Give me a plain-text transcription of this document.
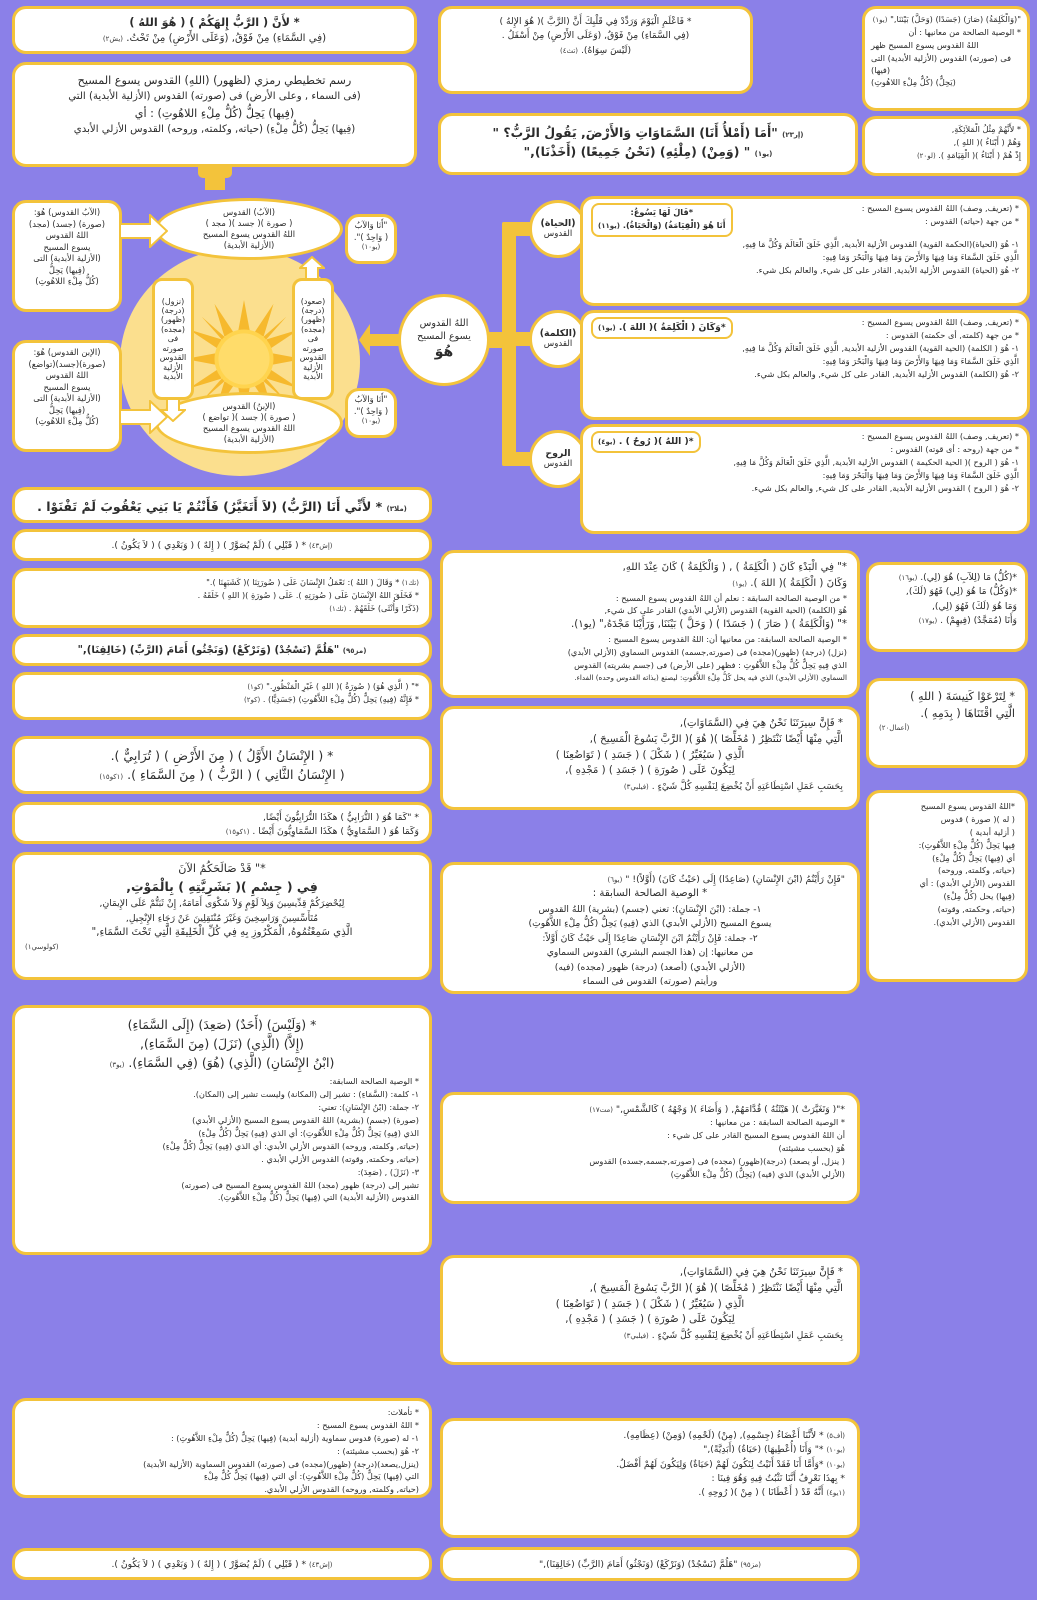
* لأَنَّ ( الرَّبُّ إِلهَكُمْ ) ( هُوَ اللهُ )

(فِي السَّمَاءِ) مِنْ فَوْقُ, (وَعَلَى الأَرْضِ) مِنْ تَحْتُ. (يش٢)

رسم تخطيطي رمزي (لظهور) (اللهِ) القدوس يسوع المسيح

(فى السماء , وعلى الأرض) فى (صورته) القدوس (الأزلية الأبدية) التي

(فِيها) يَحِلُّ (كُلُّ مِلْءِ اللاهُوتِ) : أي

(فِيها) يَحِلُّ (كُلُّ مِلْءِ) (حياته, وكلمته, وروحه) القدوس الأزلي الأبدي

* فَاعْلَمِ الْيَوْمَ وَرَدِّدْ فِي قَلْبِكَ أَنَّ (الرَّبَّ )( هُوَ الإِلهُ )

(فِي السَّمَاءِ) مِنْ فَوْقُ, (وَعَلَى الأَرْضِ) مِنْ أَسْفَلُ .

(لَيْسَ سِوَاهُ). (تث٤)

(إر٢٣) "أَمَا (أَمْلأُ أَنَا) السَّمَاوَاتِ وَالأَرْضَ, يَقُولُ الرَّبُّ؟ "

(يو١) " (وَمِنْ) (مِلْئِهِ) (نَحْنُ جَمِيعًا) (أَخَذْنَا),"

"(وَالْكَلِمَةُ) (صَارَ) (جَسَدًا) (وَحَلَّ) بَيْنَنَا," (يو١)

* الوصية الصالحة من معانيها : أن

اللهُ القدوس يسوع المسيح ظهر

فى (صورته) القدوس (الأزلية الأبدية) التى (فيها)

(يَحِلُّ) (كُلُّ مِلْءِ اللاهُوتِ)

* لأَنَّهُمْ مِثْلُ الْمَلاَئِكَةِ,

وَهُمْ ( أَبْنَاءُ )( اللهِ ),

إِذْ هُمْ ( أَبْنَاءُ )( الْقِيَامَةِ ). (لو٢٠)

(الآبُ) القدوس
( صورة )( جسد )( مجد )
اللهُ القدوس يسوع المسيح
(الأزلية الأبدية)
(الإبنُ) القدوس
( صورة )( جسد )( تواضع )
اللهُ القدوس يسوع المسيح
(الأزلية الأبدية)
(صعود)
(درجة)
(ظهور)
(مجده)
فى
صورته
القدوس
الأزلية
الأبدية
(نزول)
(درجة)
(ظهور)
(مجده)
فى
صورته
القدوس
الأزلية
الأبدية

(الآبُ القدوس) هُوَ:

(صورة) (جسد) (مجد)

اللهُ القدوس

يسوع المسيح

(الأزلية الأبدية) التى

(فِيها) يَحِلُّ

(كُلُّ مِلْءِ اللاهُوتِ)

(الإبن القدوس) هُوَ:

(صورة)(جسد)(تواضع)

اللهُ القدوس

يسوع المسيح

(الأزلية الأبدية) التى

(فِيها) يَحِلُّ

(كُلُّ مِلْءِ اللاهُوتِ)

"أَنَا وَالآبُ

( وَاحِدٌ )".

(يو١٠)

"أَنَا وَالآبُ

( وَاحِدٌ )".

(يو١٠)

اللهُ القدوس
يسوع المسيح
هُوَ
(الحياة)
القدوس
(الكلمة)
القدوس
الروح
القدوس

*قَالَ لَهَا يَسُوعُ:

أَنَا هُوَ (الْقِيَامَةُ) (وَالْحَيَاةُ). (يو١١)

* (تعريف, وصف) اللهُ القدوس يسوع المسيح :

* من جهة (حياته) القدوس :

١- هُوَ (الحياة)(الحكمة القوية) القدوس الأزلية الأبدية, الَّذِي خَلَقَ الْعَالَمَ وَكُلَّ مَا فِيهِ,

الَّذِي خَلَقَ السَّمَاءَ وَمَا فِيهَا وَالأَرْضَ وَمَا فِيهَا وَالْبَحْرَ وَمَا فِيهِ:

٢- هُوَ (الحياة) القدوس الأزلية الأبدية, القادر على كل شيء, والعالم بكل شيء.

*وَكَانَ ( الْكَلِمَةُ )( اللهَ ). (يو١)

* (تعريف, وصف) اللهُ القدوس يسوع المسيح :

* من جهة (كلمته, أى حكمته) القدوس :

١- هُوَ ( الكلمة) (الحية القوية) القدوس الأزلية الأبدية, الَّذِي خَلَقَ الْعَالَمَ وَكُلَّ مَا فِيهِ,

الَّذِي خَلَقَ السَّمَاءَ وَمَا فِيهَا وَالأَرْضَ وَمَا فِيهَا وَالْبَحْرَ وَمَا فِيهِ:

٢- هُوَ (الكلمة) القدوس الأزلية الأبدية, القادر على كل شيء, والعالم بكل شيء.

*( اللهُ )( رُوحٌ ) . (يو٤)

* (تعريف, وصف) اللهُ القدوس يسوع المسيح :

* من جهة (روحه : أى قوته) القدوس :

١- هُوَ ( الروح )( الحية الحكيمة ) القدوس الأزلية الأبدية, الَّذِي خَلَقَ الْعَالَمَ وَكُلَّ مَا فِيهِ,

الَّذِي خَلَقَ السَّمَاءَ وَمَا فِيهَا وَالأَرْضَ وَمَا فِيهَا وَالْبَحْرَ وَمَا فِيهِ:

٢- هُوَ ( الروح ) القدوس الأزلية الأبدية, القادر على كل شيء, والعالم بكل شيء.

(ملا٣) * لأَنِّي أَنَا (الرَّبُّ) (لاَ أَتَغَيَّرُ) فَأَنْتُمْ يَا بَنِي يَعْقُوبَ لَمْ تَفْنَوْا .

(إش٤٣) * ( قَبْلِي ) (لَمْ يُصَوَّرْ ) ( إِلهٌ ) ( وَبَعْدِي ) ( لاَ يَكُونُ ).

(تك١) * وَقَالَ ( اللهُ ): نَعْمَلُ الإِنْسَانَ عَلَى ( صُورَتِنَا )( كَشَبَهِنَا )."

* فَخَلَقَ اللهُ الإِنْسَانَ عَلَى ( صُورَتِهِ ). عَلَى ( صُورَةِ )( اللهِ ) خَلَقَهُ .

(ذَكَرًا وَأُنْثَى) خَلَقَهُمْ . (تك١)

(مز٩٥) "هَلُمَّ (نَسْجُدْ) (وَنَرْكَعْ) (وَنَجْثُو) أَمَامَ (الرَّبِّ) (خَالِقِنَا),"

*" ( الَّذِي هُوَ) ( صُورَةُ )( اللهِ ) غَيْرِ الْمَنْظُورِ." (كو١)

* فَإِنَّهُ (فِيهِ) يَحِلُّ (كُلُّ مِلْءِ اللاَّهُوتِ) (جَسَدِيًّا) . (كو٢)

* ( الإِنْسَانُ الأَوَّلُ ) ( مِنَ الأَرْضِ ) ( تُرَابِيٌّ ).

( الإِنْسَانُ الثَّانِي ) ( الرَّبُّ ) ( مِنَ السَّمَاءِ ). (١كو١٥)

* "كَمَا هُوَ ( التُّرَابِيُّ ) هكَذَا التُّرَابِيُّونَ أَيْضًا,

وَكَمَا هُوَ ( السَّمَاوِيُّ ) هكَذَا السَّمَاوِيُّونَ أَيْضًا . (١كو١٥)

*" قَدْ صَالَحَكُمُ الآنَ

فِي ( جِسْمِ )( بَشَرِيَّتِهِ ) بِالْمَوْتِ,

لِيُحْضِرَكُمْ قِدِّيسِينَ وَبِلاَ لَوْمٍ وَلاَ شَكْوَى أَمَامَهُ, إِنْ ثَبَتُّمْ عَلَى الإِيمَانِ,

مُتَأَسِّسِينَ وَرَاسِخِينَ وَغَيْرَ مُنْتَقِلِينَ عَنْ رَجَاءِ الإِنْجِيلِ,

الَّذِي سَمِعْتُمُوهُ, الْمَكْرُوزِ بِهِ فِي كُلِّ الْخَلِيقَةِ الَّتِي تَحْتَ السَّمَاءِ,"

(كولوسي١)

* (وَلَيْسَ) (أَحَدٌ) (صَعِدَ) (إِلَى السَّمَاءِ)

(إِلاَّ) (الَّذِي) (نَزَلَ) (مِنَ السَّمَاءِ),

(ابْنُ الإِنْسَانِ) (الَّذِي) (هُوَ) (فِي السَّمَاءِ). (يو٣)

* الوصية الصالحة السابقة:

١- كلمة: (السَّمَاءِ) : تشير إلى (المكانة) وليست تشير إلى (المكان).

٢- جملة: (ابْنُ الإِنْسَانِ): تعني:

(صورة) (جسم) (بشرية) اللهُ القدوس يسوع المسيح (الأزلي الأبدي)

الذي (فِيهِ) يَحِلُّ (كُلُّ مِلْءِ اللاَّهُوتِ): أي الذي (فِيهِ) يَحِلُّ (كُلُّ مِلْءِ)

(حياته, وكلمته, وروحه) القدوس الأزلي الأبدي: أي الذي (فِيهِ) يَحِلُّ (كُلُّ مِلْءِ)

(حياته, وحكمته, وقوته) القدوس الأزلي الأبدي .

٣- (نَزَلَ) , (صَعِدَ):

تشير إلى (درجة) ظهور (مجد) اللهُ القدوس يسوع المسيح فى (صورته)

القدوس (الأزلية الأبدية) التي (فِيها) يَحِلُّ (كُلُّ مِلْءِ اللاَّهُوتِ).

* تأملات:

* اللهُ القدوس يسوع المسيح :

١- له (صورة) قدوس سماوية (أزلية أبدية) (فِيها) يَحِلُّ (كُلُّ مِلْءِ اللاَّهُوتِ) :

٢- هُوَ (بحسب مشيئته) :

(ينزل,يصعد)(درجة) (ظهور)(مجده) فى (صورته) القدوس السماوية (الأزلية الأبدية)

التي (فِيها) يَحِلُّ (كُلُّ مِلْءِ اللاَّهُوتِ): أي التي (فِيها) يَحِلُّ كُلُّ مِلْءِ

(حياته, وكلمته, وروحه) القدوس الأزلي الأبدي.

(إش٤٣) * ( قَبْلِي ) (لَمْ يُصَوَّرْ ) ( إِلهٌ ) ( وَبَعْدِي ) ( لاَ يَكُونُ ).

*" فِي الْبَدْءِ كَانَ ( الْكَلِمَةُ ) , ( وَالْكَلِمَةُ ) كَانَ عِنْدَ اللهِ,

وَكَانَ ( الْكَلِمَةُ )( اللهَ ). (يو١)

* من الوصية الصالحة السابقة : نعلم أن اللهُ القدوس يسوع المسيح :

هُوَ (الكلمة) (الحية القوية) القدوس (الأزلي الأبدي) القادر على كل شيء,

*" (وَالْكَلِمَةُ ) ( صَارَ ) ( جَسَدًا ) ( وَحَلَّ ) بَيْنَنَا, وَرَأَيْنَا مَجْدَهُ," (يو١).

* الوصية الصالحة السابقة: من معانيها أن: اللهُ القدوس يسوع المسيح :

(نزل) (درجة) (ظهور)(مجده) فى (صورته,جسمه) القدوس السماوي (الأزلي الأبدي)

الذي فِيهِ يَحِلُّ كُلُّ مِلْءِ اللاَّهُوتِ : فظهر (على الأرض) فى (جسم بشريته) القدوس

السماوي (الأزلي الأبدي) الذي فيه يحل كُلُّ مِلْءِ اللاَّهُوتِ: ليصنع (بذاته القدوس وحده) الفداء.

* فَإِنَّ سِيرَتَنَا نَحْنُ هِيَ فِي (السَّمَاوَاتِ),

الَّتِي مِنْهَا أَيْضًا نَنْتَظِرُ ( مُخَلِّصًا )( هُوَ )( الرَّبَّ يَسُوعَ الْمَسِيحَ ),

الَّذِي ( سَيُغَيِّرُ ) ( شَكْلَ ) ( جَسَدِ ) ( تَوَاضُعِنَا )

لِيَكُونَ عَلَى ( صُورَةِ ) ( جَسَدِ ) ( مَجْدِهِ ),

بِحَسَبِ عَمَلِ اسْتِطَاعَتِهِ أَنْ يُخْضِعَ لِنَفْسِهِ كُلَّ شَيْءٍ . (فيلبي٣)

"فَإِنْ رَأَيْتُمُ (ابْنَ الإِنْسَانِ) (صَاعِدًا) إِلَى (حَيْثُ كَانَ) (أَوَّلاً)! " (يو٦)

* الوصية الصالحة السابقة :

١- جملة: (ابْنَ الإِنْسَانِ): تعني (جسم) (بشرية) اللهُ القدوس

يسوع المسيح (الأزلي الأبدي) الذي (فِيهِ) يَحِلُّ (كُلُّ مِلْءِ اللاَّهُوتِ)

٢- جملة: فَإِنْ رَأَيْتُمُ ابْنَ الإِنْسَانِ صَاعِدًا إِلَى حَيْثُ كَانَ أَوَّلاً:

من معانيها: إن (هذا الجسم البشري) القدوس السماوي

(الأزلي الأبدي) (أصعد) (درجة) ظهور (مجده) (فيه)

ورأيتم (صورته) القدوس فى السماء

*"( وَتَغَيَّرَتْ )( هَيْئَتُهُ ) قُدَّامَهُمْ, ( وَأَضَاءَ )( وَجْهُهُ ) كَالشَّمْسِ," (مت١٧)

* الوصية الصالحة السابقة : من معانيها :

أن اللهُ القدوس يسوع المسيح القادر على كل شيء :

هُوَ (بحسب مشيئته)

( ينزل, أو يصعد) (درجة)(ظهور) (مجده) فى (صورته,جسمه,جسده) القدوس

(الأزلي الأبدي) الذي (فيه) (يَحِلُّ) (كُلُّ مِلْءِ اللاَّهُوتِ)

* فَإِنَّ سِيرَتَنَا نَحْنُ هِيَ فِي (السَّمَاوَاتِ),

الَّتِي مِنْهَا أَيْضًا نَنْتَظِرُ ( مُخَلِّصًا )( هُوَ )( الرَّبَّ يَسُوعَ الْمَسِيحَ ),

الَّذِي ( سَيُغَيِّرُ ) ( شَكْلَ ) ( جَسَدِ ) ( تَوَاضُعِنَا )

لِيَكُونَ عَلَى ( صُورَةِ ) ( جَسَدِ ) ( مَجْدِهِ ),

بِحَسَبِ عَمَلِ اسْتِطَاعَتِهِ أَنْ يُخْضِعَ لِنَفْسِهِ كُلَّ شَيْءٍ . (فيلبي٣)

(أف٥) * لأَنَّنَا أَعْضَاءُ (جِسْمِهِ), (مِنْ) (لَحْمِهِ) (وَمِنْ) (عِظَامِهِ).

(يو١٠) *" وَأَنَا (أُعْطِيهَا) (حَيَاةُ) (أَبَدِيَّةً),"

(يو١٠) *وَأَمَّا أَنَا فَقَدْ أَتَيْتُ لِتَكُونَ لَهُمْ (حَيَاةٌ) وَلِيَكُونَ لَهُمْ أَفْضَلُ.

* بِهذَا نَعْرِفُ أَنَّنَا نَثْبُتُ فِيهِ وَهُوَ فِينَا :

(١يو٤) أَنَّهُ قَدْ ( أَعْطَانَا ) ( مِنْ )( رُوحِهِ ).

(مز٩٥) "هَلُمَّ (نَسْجُدْ) (وَنَرْكَعْ) (وَنَجْثُو) أَمَامَ (الرَّبِّ) (خَالِقِنَا),"

*(كُلُّ) مَا (لِلآبِ) هُوَ (لِي). (يو١٦)

*(وَكُلُّ) مَا هُوَ (لِي) فَهُوَ (لَكَ),

وَمَا هُوَ (لَكَ) فَهُوَ (لِي),

وَأَنَا (مُمَجَّدٌ) (فِيهِمْ) . (يو١٧)

* لِتَرْعَوْا كَنِيسَةَ ( اللهِ )

الَّتِي اقْتَنَاهَا ( بِدَمِهِ ).

(أعمال٢٠)

*اللهُ القدوس يسوع المسيح

( له )( صورة ) قدوس

( أزلية أبدية )

فِيها يَحِلُّ (كُلُّ مِلْءِ اللاَّهُوتِ):

أي (فِيها) يَحِلُّ (كُلُّ مِلْءِ)

(حياته, وكلمته, وروحه)

القدوس (الأزلي الأبدي) : أي

(فِيها) يحل (كُلُّ مِلْءِ)

(حياته, وحكمته, وقوته)

القدوس (الأزلي الأبدي).
